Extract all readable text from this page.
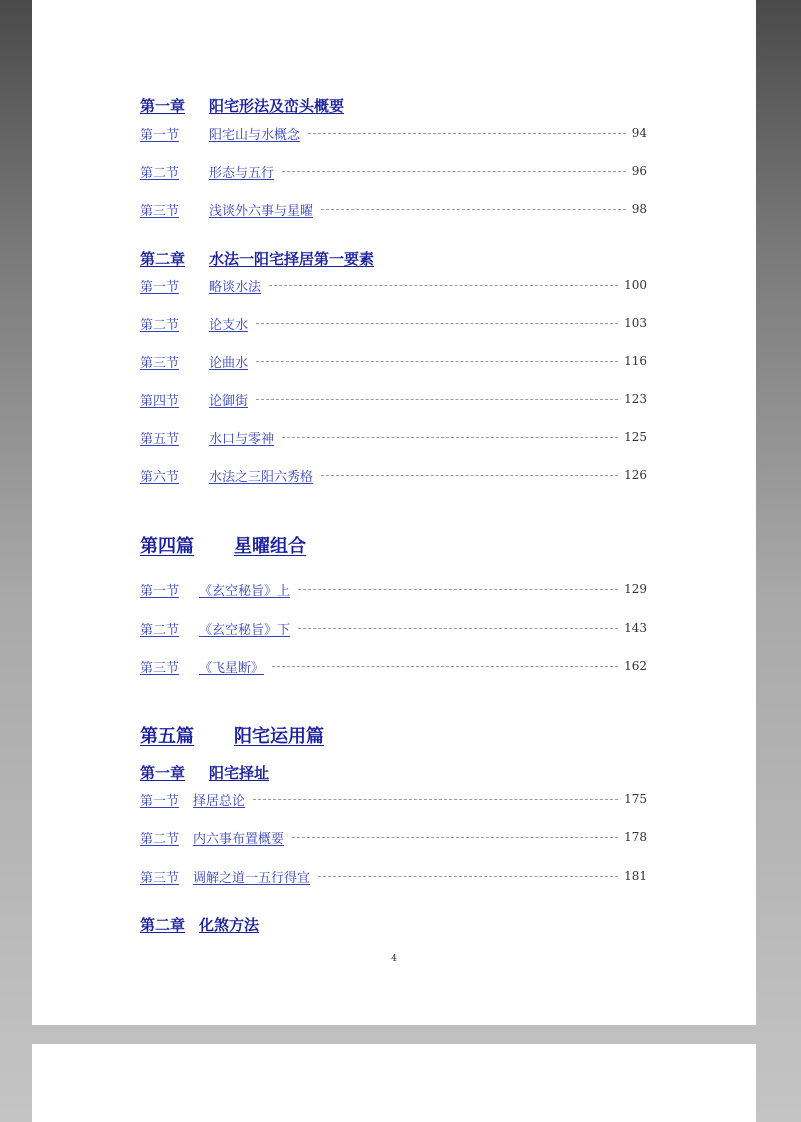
第一章 阳宅形法及峦头概要
第一节 阳宅山与水概念	94
第二节 形态与五行	96
第三节 浅谈外六事与星曜	98
第二章 水法一阳宅择居第一要素
第一节 略谈水法	100
第二节 论支水	103
第三节 论曲水	116
第四节 论御街	123
第五节 水口与零神	125
第六节 水法之三阳六秀格	126
第四篇 星曜组合
第一节 《玄空秘旨》上	129
第二节 《玄空秘旨》下	143
第三节 《飞星断》	162
第五篇 阳宅运用篇
第一章 阳宅择址
第一节 择居总论	175
第二节 内六事布置概要	178
第三节 调解之道一五行得宜	181
第二章 化煞方法
4
